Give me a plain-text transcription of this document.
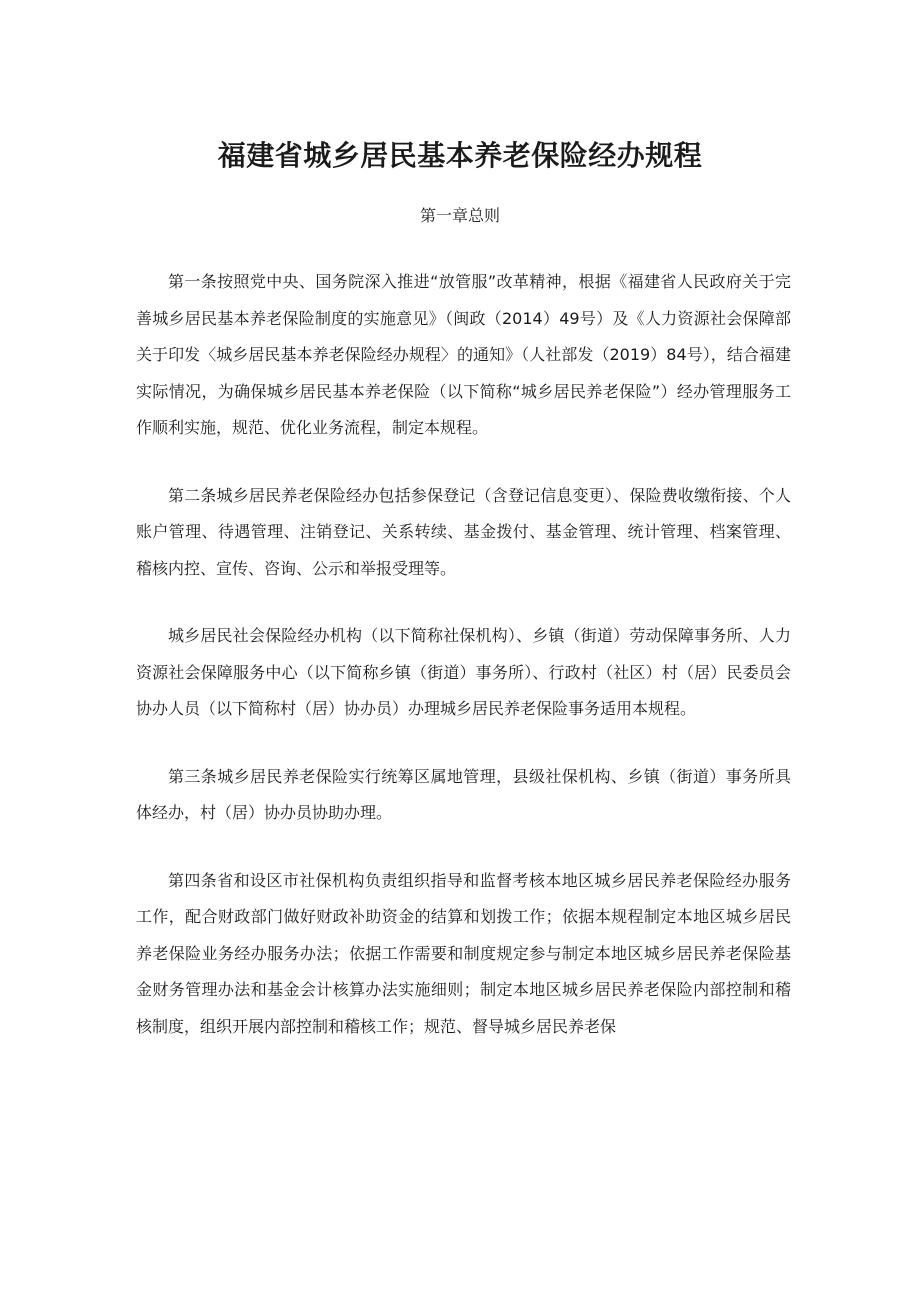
福建省城乡居民基本养老保险经办规程
第一章总则

第一条按照党中央、国务院深入推进“放管服”改革精神，根据《福建省人民政府关于完善城乡居民基本养老保险制度的实施意见》（闽政（2014）49号）及《人力资源社会保障部关于印发〈城乡居民基本养老保险经办规程〉的通知》（人社部发（2019）84号），结合福建实际情况，为确保城乡居民基本养老保险（以下简称“城乡居民养老保险”）经办管理服务工作顺利实施，规范、优化业务流程，制定本规程。

第二条城乡居民养老保险经办包括参保登记（含登记信息变更）、保险费收缴衔接、个人账户管理、待遇管理、注销登记、关系转续、基金拨付、基金管理、统计管理、档案管理、稽核内控、宣传、咨询、公示和举报受理等。

城乡居民社会保险经办机构（以下简称社保机构）、乡镇（街道）劳动保障事务所、人力资源社会保障服务中心（以下简称乡镇（街道）事务所）、行政村（社区）村（居）民委员会协办人员（以下简称村（居）协办员）办理城乡居民养老保险事务适用本规程。

第三条城乡居民养老保险实行统筹区属地管理，县级社保机构、乡镇（街道）事务所具体经办，村（居）协办员协助办理。

第四条省和设区市社保机构负责组织指导和监督考核本地区城乡居民养老保险经办服务工作，配合财政部门做好财政补助资金的结算和划拨工作；依据本规程制定本地区城乡居民养老保险业务经办服务办法；依据工作需要和制度规定参与制定本地区城乡居民养老保险基金财务管理办法和基金会计核算办法实施细则；制定本地区城乡居民养老保险内部控制和稽核制度，组织开展内部控制和稽核工作；规范、督导城乡居民养老保
